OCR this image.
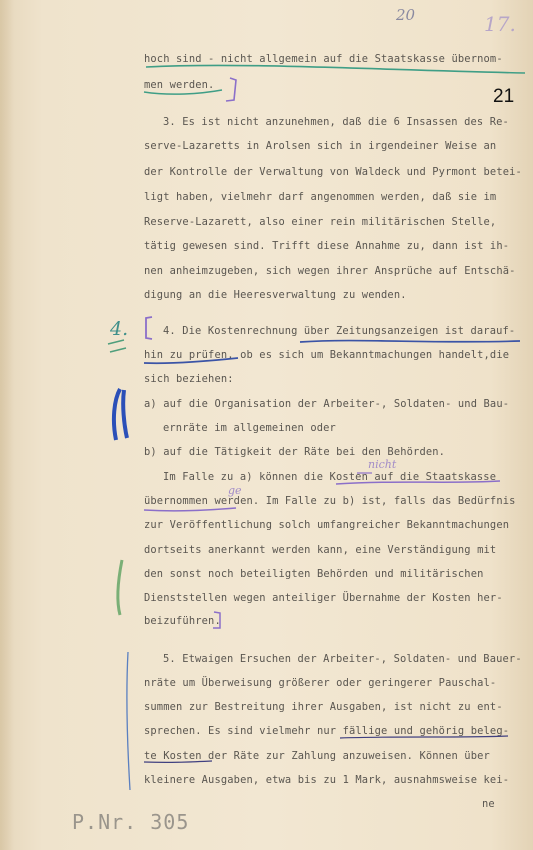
20	17.
21
hoch sind - nicht allgemein auf die Staatskasse übernom-
men werden.
3. Es ist nicht anzunehmen, daß die 6 Insassen des Re-
serve-Lazaretts in Arolsen sich in irgendeiner Weise an
der Kontrolle der Verwaltung von Waldeck und Pyrmont betei-
ligt haben, vielmehr darf angenommen werden, daß sie im
Reserve-Lazarett, also einer rein militärischen Stelle,
tätig gewesen sind. Trifft diese Annahme zu, dann ist ih-
nen anheimzugeben, sich wegen ihrer Ansprüche auf Entschä-
digung an die Heeresverwaltung zu wenden.
4. Die Kostenrechnung über Zeitungsanzeigen ist darauf-
hin zu prüfen, ob es sich um Bekanntmachungen handelt,die
sich beziehen:
a) auf die Organisation der Arbeiter-, Soldaten- und Bau-
ernräte im allgemeinen oder
b) auf die Tätigkeit der Räte bei den Behörden.
Im Falle zu a) können die Kosten auf die Staatskasse
übernommen werden. Im Falle zu b) ist, falls das Bedürfnis
zur Veröffentlichung solch umfangreicher Bekanntmachungen
dortseits anerkannt werden kann, eine Verständigung mit
den sonst noch beteiligten Behörden und militärischen
Dienststellen wegen anteiliger Übernahme der Kosten her-
beizuführen.
5. Etwaigen Ersuchen der Arbeiter-, Soldaten- und Bauer-
nräte um Überweisung größerer oder geringerer Pauschal-
summen zur Bestreitung ihrer Ausgaben, ist nicht zu ent-
sprechen. Es sind vielmehr nur fällige und gehörig beleg-
te Kosten der Räte zur Zahlung anzuweisen. Können über
kleinere Ausgaben, etwa bis zu 1 Mark, ausnahmsweise kei-
ne
nicht
ge
4.
P.Nr. 305
